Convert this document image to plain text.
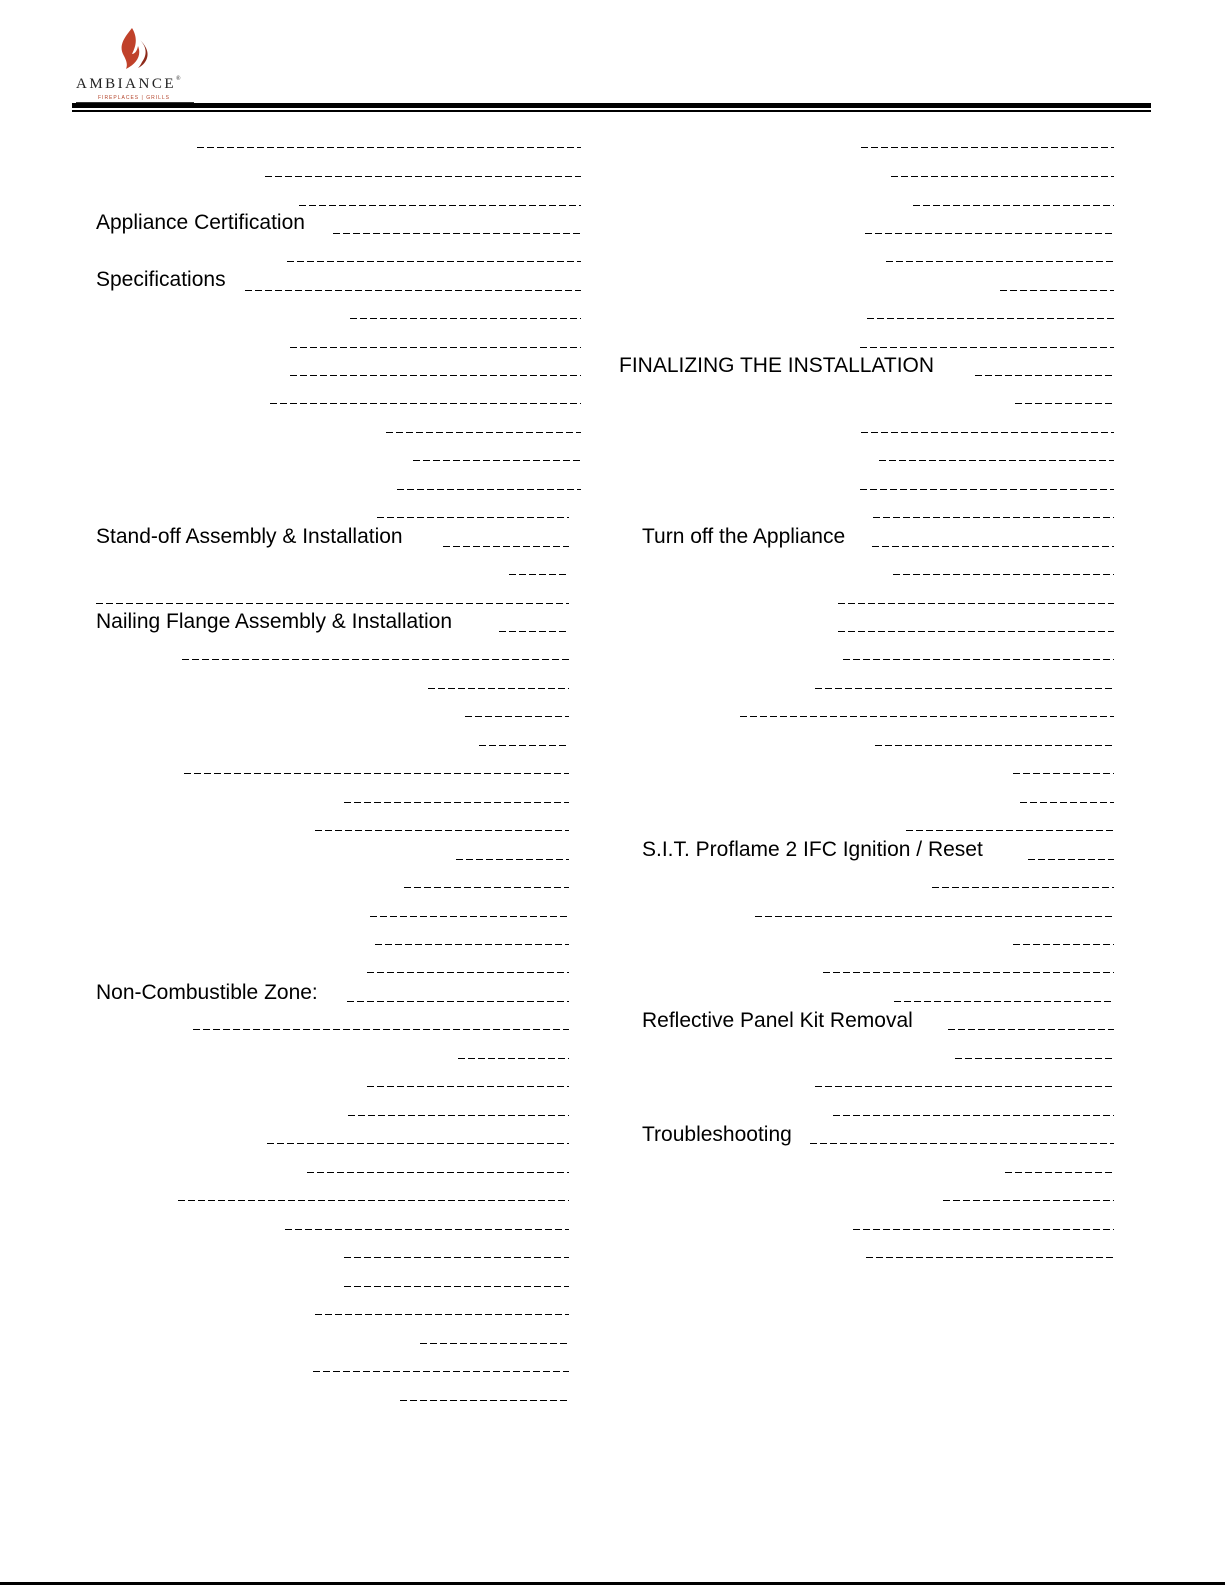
AMBIANCE®
FIREPLACES | GRILLS
Appliance Certification
Specifications
Stand-off Assembly & Installation
Nailing Flange Assembly & Installation
Non-Combustible Zone:
FINALIZING THE INSTALLATION
Turn off the Appliance
S.I.T. Proflame 2 IFC Ignition / Reset
Reflective Panel Kit Removal
Troubleshooting
